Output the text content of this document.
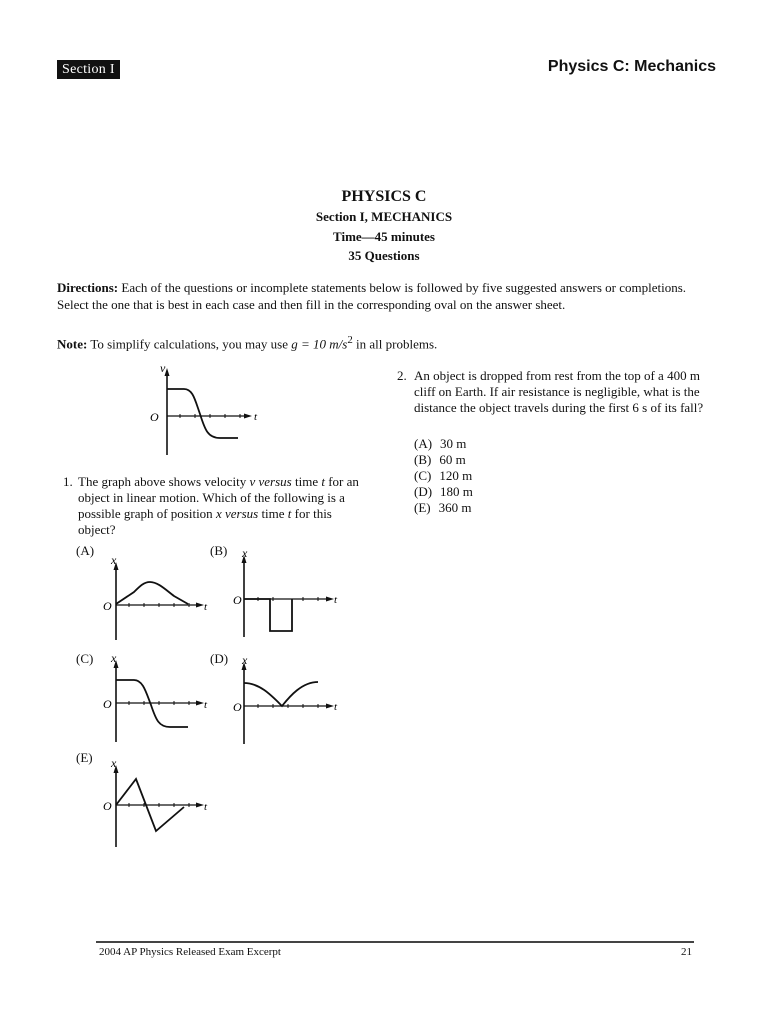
Section I	Physics C: Mechanics
PHYSICS C
Section I, MECHANICS
Time—45 minutes
35 Questions
Directions: Each of the questions or incomplete statements below is followed by five suggested answers or completions. Select the one that is best in each case and then fill in the corresponding oval on the answer sheet.
Note: To simplify calculations, you may use g = 10 $m/s^2$ in all problems.
v
O	t
1. The graph above shows velocity v versus time t for an object in linear motion. Which of the following is a possible graph of position x versus time t for this object?
(A)
x
O	t
(B) x
O	t
(C) x
O	t
(D) x
O	t
(E) x
O	t
2. An object is dropped from rest from the top of a 400 m cliff on Earth. If air resistance is negligible, what is the distance the object travels during the first 6 s of its fall?
(A) 30 m
(B) 60 m
(C) 120 m
(D) 180 m
(E) 360 m
2004 AP Physics Released Exam Excerpt	21
